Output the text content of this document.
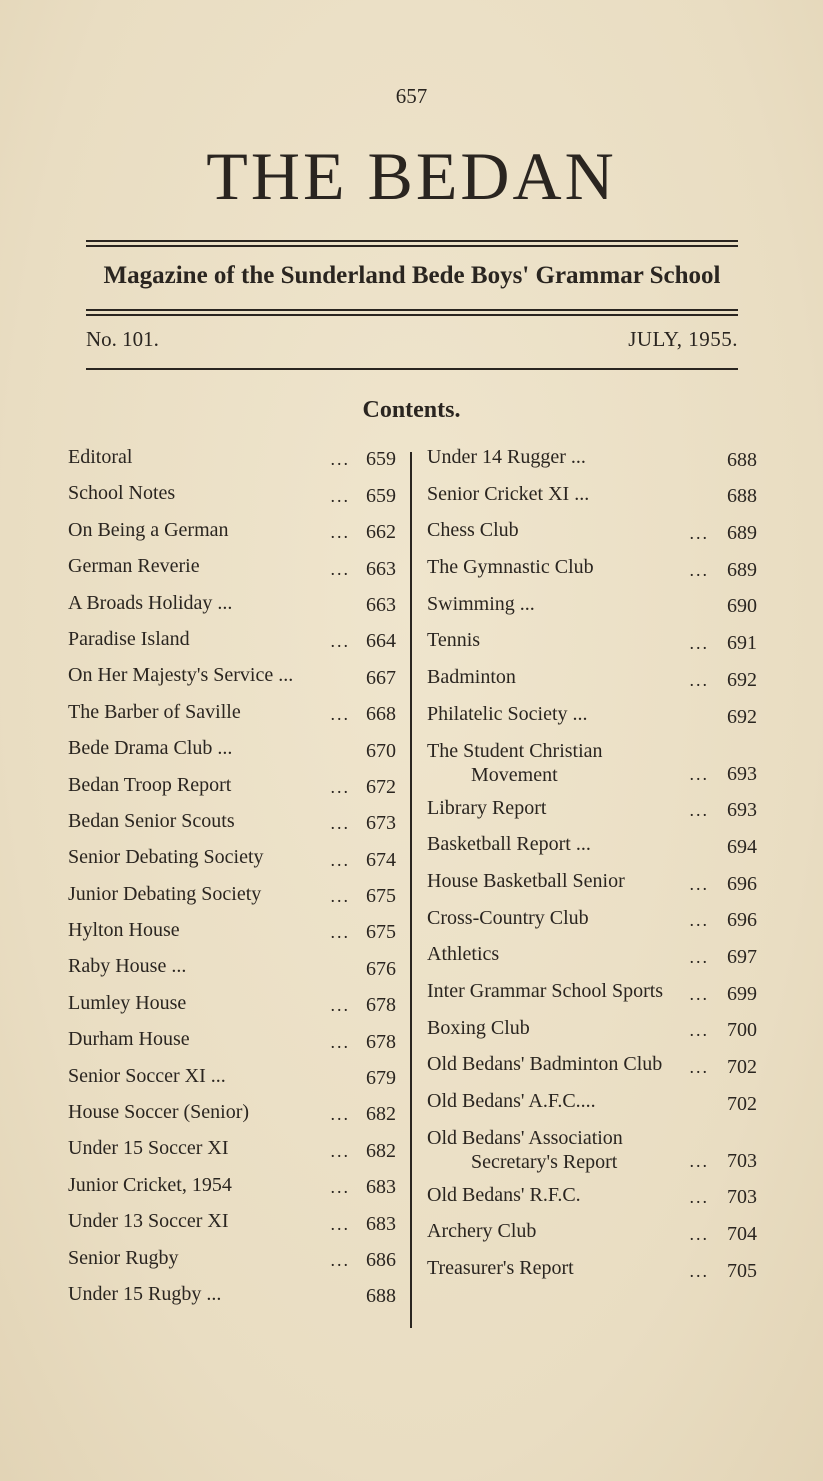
657
THE BEDAN
Magazine of the Sunderland Bede Boys' Grammar School
No. 101.	JULY, 1955.
Contents.
Editoral	... 659
School Notes	... 659
On Being a German	... 662
German Reverie	... 663
A Broads Holiday ...	663
Paradise Island	... 664
On Her Majesty's Service ...	667
The Barber of Saville	... 668
Bede Drama Club ...	670
Bedan Troop Report	... 672
Bedan Senior Scouts	... 673
Senior Debating Society	... 674
Junior Debating Society	... 675
Hylton House	... 675
Raby House ...	676
Lumley House	... 678
Durham House	... 678
Senior Soccer XI ...	679
House Soccer (Senior)	... 682
Under 15 Soccer XI	... 682
Junior Cricket, 1954	... 683
Under 13 Soccer XI	... 683
Senior Rugby	... 686
Under 15 Rugby ...	688
Under 14 Rugger ...	688
Senior Cricket XI ...	688
Chess Club	... 689
The Gymnastic Club	... 689
Swimming ...	690
Tennis	... 691
Badminton	... 692
Philatelic Society ...	692
The Student Christian
Movement	... 693
Library Report	... 693
Basketball Report ...	694
House Basketball Senior	... 696
Cross-Country Club	... 696
Athletics	... 697
Inter Grammar School Sports	... 699
Boxing Club	... 700
Old Bedans' Badminton Club	... 702
Old Bedans' A.F.C....	702
Old Bedans' Association
Secretary's Report	... 703
Old Bedans' R.F.C.	... 703
Archery Club	... 704
Treasurer's Report	... 705
